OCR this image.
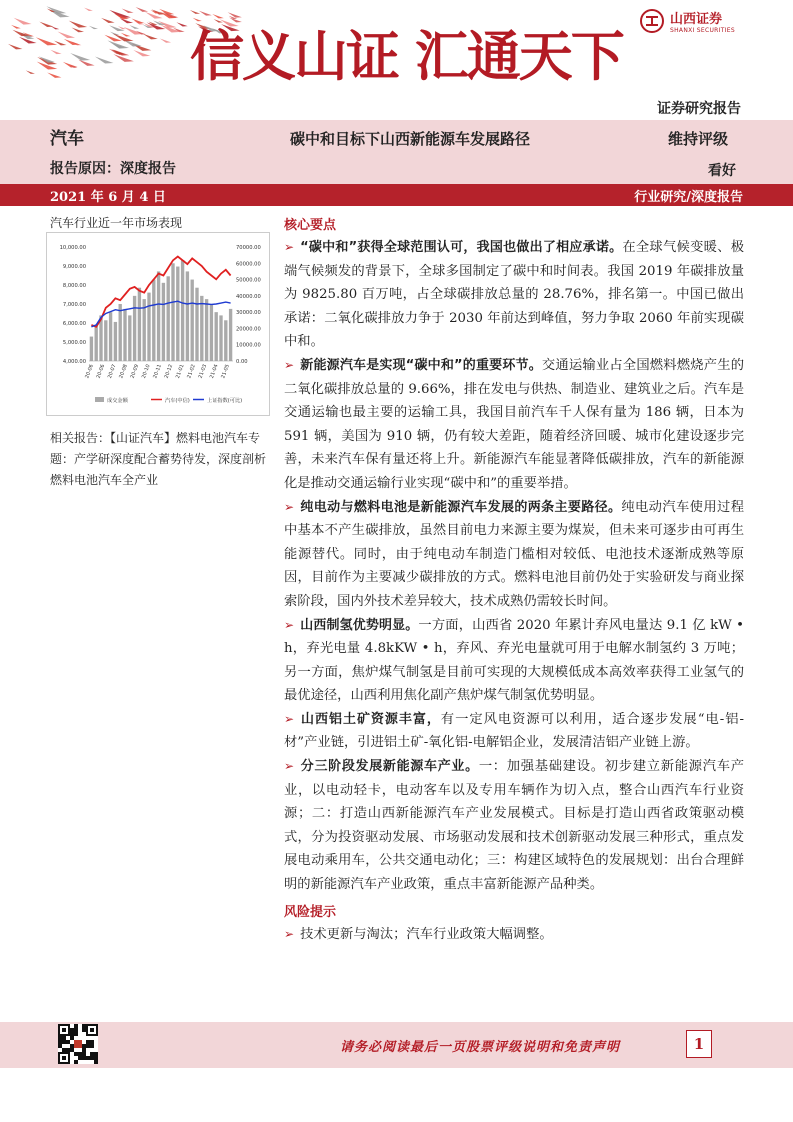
信义山证 汇通天下
山西证券
SHANXI SECURITIES
证券研究报告
汽车	碳中和目标下山西新能源车发展路径	维持评级
报告原因：深度报告	看好
2021 年 6 月 4 日	行业研究/深度报告
汽车行业近一年市场表现
10,000.00
9,000.00
8,000.00
7,000.00
6,000.00
5,000.00
4,000.00
70000.00
60000.00
50000.00
40000.00
30000.00
20000.00
10000.00
0.00
20-06 20-06 20-07 20-08 20-09 20-10 20-11 20-12 21-01 21-02 21-03 21-04 21-05
成交金额	汽车(中信)	上证指数(可比)
相关报告：【山证汽车】燃料电池汽车专题：产学研深度配合蓄势待发，深度剖析燃料电池汽车全产业
核心要点

➢ “碳中和”获得全球范围认可，我国也做出了相应承诺。在全球气候变暖、极端气候频发的背景下，全球多国制定了碳中和时间表。我国 2019 年碳排放量为 9825.80 百万吨，占全球碳排放总量的 28.76%，排名第一。中国已做出承诺：二氧化碳排放力争于 2030 年前达到峰值，努力争取 2060 年前实现碳中和。

➢ 新能源汽车是实现“碳中和”的重要环节。交通运输业占全国燃料燃烧产生的二氧化碳排放总量的 9.66%，排在发电与供热、制造业、建筑业之后。汽车是交通运输也最主要的运输工具，我国目前汽车千人保有量为 186 辆，日本为 591 辆，美国为 910 辆，仍有较大差距，随着经济回暖、城市化建设逐步完善，未来汽车保有量还将上升。新能源汽车能显著降低碳排放，汽车的新能源化是推动交通运输行业实现“碳中和”的重要举措。

➢ 纯电动与燃料电池是新能源汽车发展的两条主要路径。纯电动汽车使用过程中基本不产生碳排放，虽然目前电力来源主要为煤炭，但未来可逐步由可再生能源替代。同时，由于纯电动车制造门槛相对较低、电池技术逐渐成熟等原因，目前作为主要减少碳排放的方式。燃料电池目前仍处于实验研发与商业探索阶段，国内外技术差异较大，技术成熟仍需较长时间。

➢ 山西制氢优势明显。一方面，山西省 2020 年累计弃风电量达 9.1 亿 kW • h，弃光电量 4.8kKW • h，弃风、弃光电量就可用于电解水制氢约 3 万吨；另一方面，焦炉煤气制氢是目前可实现的大规模低成本高效率获得工业氢气的最优途径，山西利用焦化副产焦炉煤气制氢优势明显。

➢ 山西铝土矿资源丰富，有一定风电资源可以利用，适合逐步发展“电-铝-材”产业链，引进铝土矿-氧化铝-电解铝企业，发展清洁铝产业链上游。

➢ 分三阶段发展新能源车产业。一：加强基础建设。初步建立新能源汽车产业，以电动轻卡，电动客车以及专用车辆作为切入点，整合山西汽车行业资源；二：打造山西新能源汽车产业发展模式。目标是打造山西省政策驱动模式，分为投资驱动发展、市场驱动发展和技术创新驱动发展三种形式，重点发展电动乘用车，公共交通电动化；三：构建区域特色的发展规划：出台合理鲜明的新能源汽车产业政策，重点丰富新能源产品种类。

风险提示

➢ 技术更新与淘汰；汽车行业政策大幅调整。

请务必阅读最后一页股票评级说明和免责声明	1
